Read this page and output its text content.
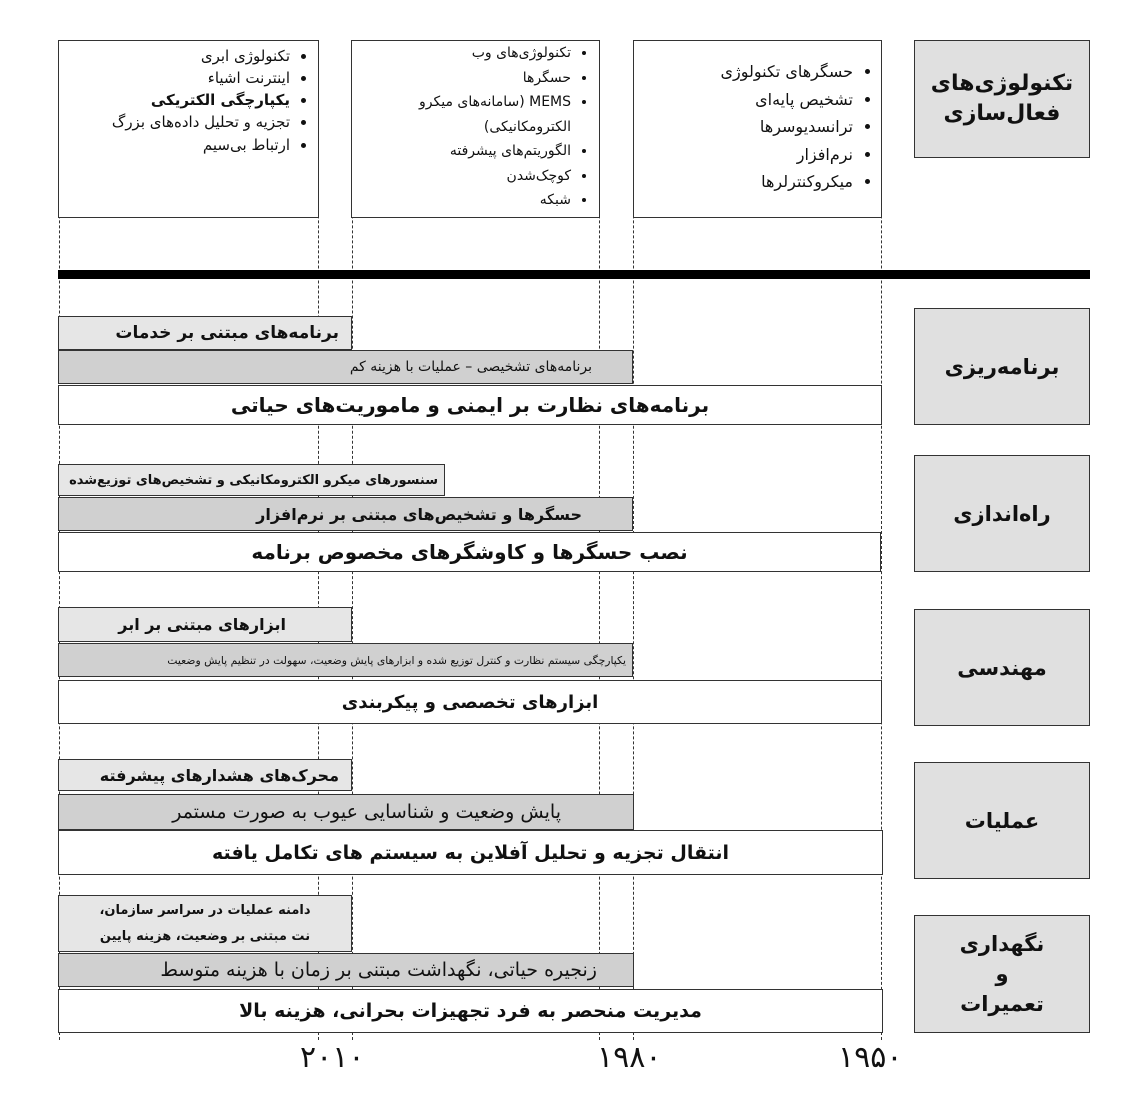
• تکنولوژی ابری
• اینترنت اشیاء
• یکپارچگی الکتریکی
• تجزیه و تحلیل داده‌های بزرگ
• ارتباط بی‌سیم
• تکنولوژی‌های وب
• حسگرها
• MEMS (سامانه‌های میکرو الکترومکانیکی)
• الگوریتم‌های پیشرفته
• کوچک‌شدن
• شبکه
• حسگرهای تکنولوژی
• تشخیص پایه‌ای
• ترانسدیوسرها
• نرم‌افزار
• میکروکنترلرها
تکنولوژی‌های فعال‌سازی
برنامه‌ریزی
برنامه‌های مبتنی بر خدمات
برنامه‌های تشخیصی – عملیات با هزینه کم
برنامه‌های نظارت بر ایمنی و ماموریت‌های حیاتی
راه‌اندازی
سنسورهای میکرو الکترومکانیکی و تشخیص‌های توزیع‌شده
حسگرها و تشخیص‌های مبتنی بر نرم‌افزار
نصب حسگرها و کاوشگرهای مخصوص برنامه
مهندسی
ابزارهای مبتنی بر ابر
یکپارچگی سیستم نظارت و کنترل توزیع شده و ابزارهای پایش وضعیت، سهولت در تنظیم پایش وضعیت
ابزارهای تخصصی و پیکربندی
عملیات
محرک‌های هشدارهای پیشرفته
پایش وضعیت و شناسایی عیوب به صورت مستمر
انتقال تجزیه و تحلیل آفلاین به سیستم های تکامل یافته
نگهداری و تعمیرات
دامنه عملیات در سراسر سازمان، نت مبتنی بر وضعیت، هزینه پایین
زنجیره حیاتی، نگهداشت مبتنی بر زمان با هزینه متوسط
مدیریت منحصر به فرد تجهیزات بحرانی، هزینه بالا
۲۰۱۰	۱۹۸۰	۱۹۵۰
